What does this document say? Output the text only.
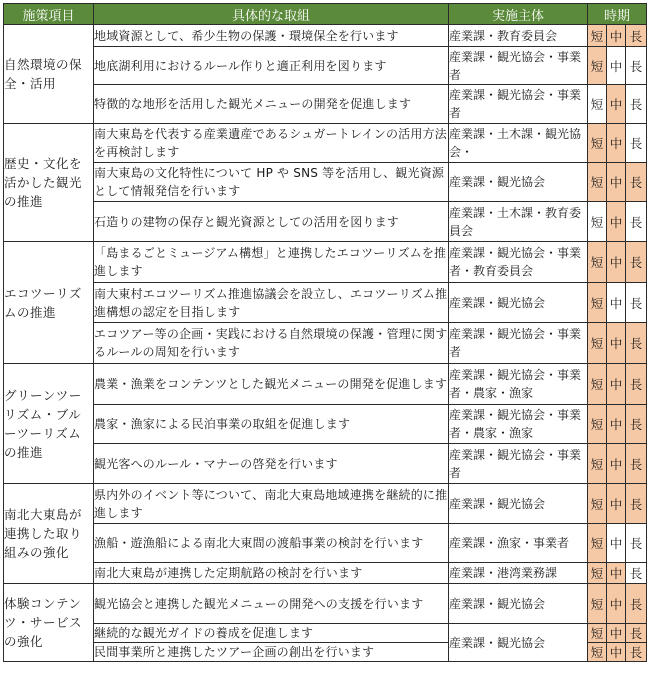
施策項目	具体的な取組	実施主体	時期		
自然環境の保全・活用	地域資源として、希少生物の保護・環境保全を行います	産業課・教育委員会	短	中	長
	地底湖利用におけるルール作りと適正利用を図ります	産業課・観光協会・事業者	短	中	長
	特徴的な地形を活用した観光メニューの開発を促進します	産業課・観光協会・事業者	短	中	長
歴史・文化を活かした観光の推進	南大東島を代表する産業遺産であるシュガートレインの活用方法を再検討します	産業課・土木課・観光協会・	短	中	長
	南大東島の文化特性について HP や SNS 等を活用し、観光資源として情報発信を行います	産業課・観光協会	短	中	長
	石造りの建物の保存と観光資源としての活用を図ります	産業課・土木課・教育委員会	短	中	長
エコツーリズムの推進	「島まるごとミュージアム構想」と連携したエコツーリズムを推進します	産業課・観光協会・事業者・教育委員会	短	中	長
	南大東村エコツーリズム推進協議会を設立し、エコツーリズム推進構想の認定を目指します	産業課・観光協会	短	中	長
	エコツアー等の企画・実践における自然環境の保護・管理に関するルールの周知を行います	産業課・観光協会・事業者	短	中	長
グリーンツーリズム・ブルーツーリズムの推進	農業・漁業をコンテンツとした観光メニューの開発を促進します	産業課・観光協会・事業者・農家・漁家	短	中	長
	農家・漁家による民泊事業の取組を促進します	産業課・観光協会・事業者・農家・漁家	短	中	長
	観光客へのルール・マナーの啓発を行います	産業課・観光協会・事業者	短	中	長
南北大東島が連携した取り組みの強化	県内外のイベント等について、南北大東島地域連携を継続的に推進します	産業課・観光協会	短	中	長
	漁船・遊漁船による南北大東間の渡船事業の検討を行います	産業課・漁家・事業者	短	中	長
	南北大東島が連携した定期航路の検討を行います	産業課・港湾業務課	短	中	長
体験コンテンツ・サービスの強化	観光協会と連携した観光メニューの開発への支援を行います	産業課・観光協会	短	中	長
	継続的な観光ガイドの養成を促進します	産業課・観光協会	短	中	長
	民間事業所と連携したツアー企画の創出を行います		短	中	長
